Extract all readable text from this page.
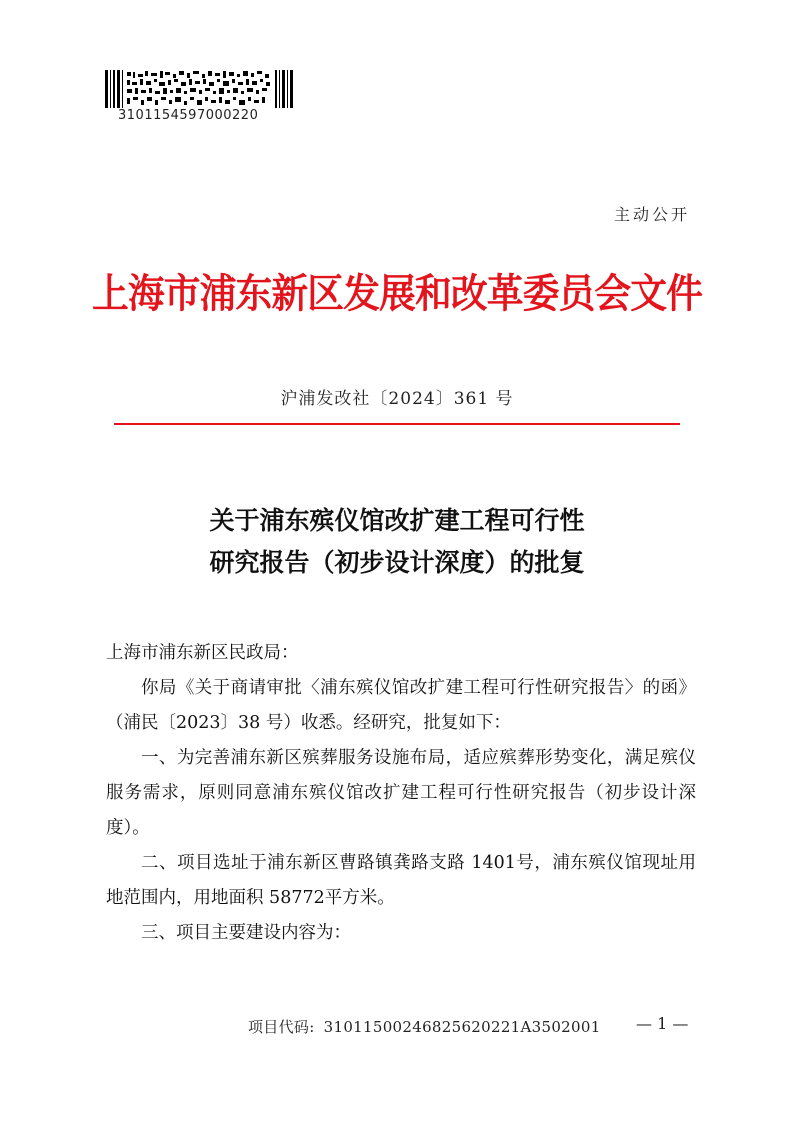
3101154597000220
主动公开
上海市浦东新区发展和改革委员会文件
沪浦发改社〔2024〕361 号
关于浦东殡仪馆改扩建工程可行性
研究报告（初步设计深度）的批复

上海市浦东新区民政局：

你局《关于商请审批〈浦东殡仪馆改扩建工程可行性研究报告〉的函》（浦民〔2023〕38 号）收悉。经研究，批复如下：

一、为完善浦东新区殡葬服务设施布局，适应殡葬形势变化，满足殡仪服务需求，原则同意浦东殡仪馆改扩建工程可行性研究报告（初步设计深度）。

二、项目选址于浦东新区曹路镇龚路支路 1401号，浦东殡仪馆现址用地范围内，用地面积 58772平方米。

三、项目主要建设内容为：

项目代码: 31011500246825620221A3502001 — 1 —
